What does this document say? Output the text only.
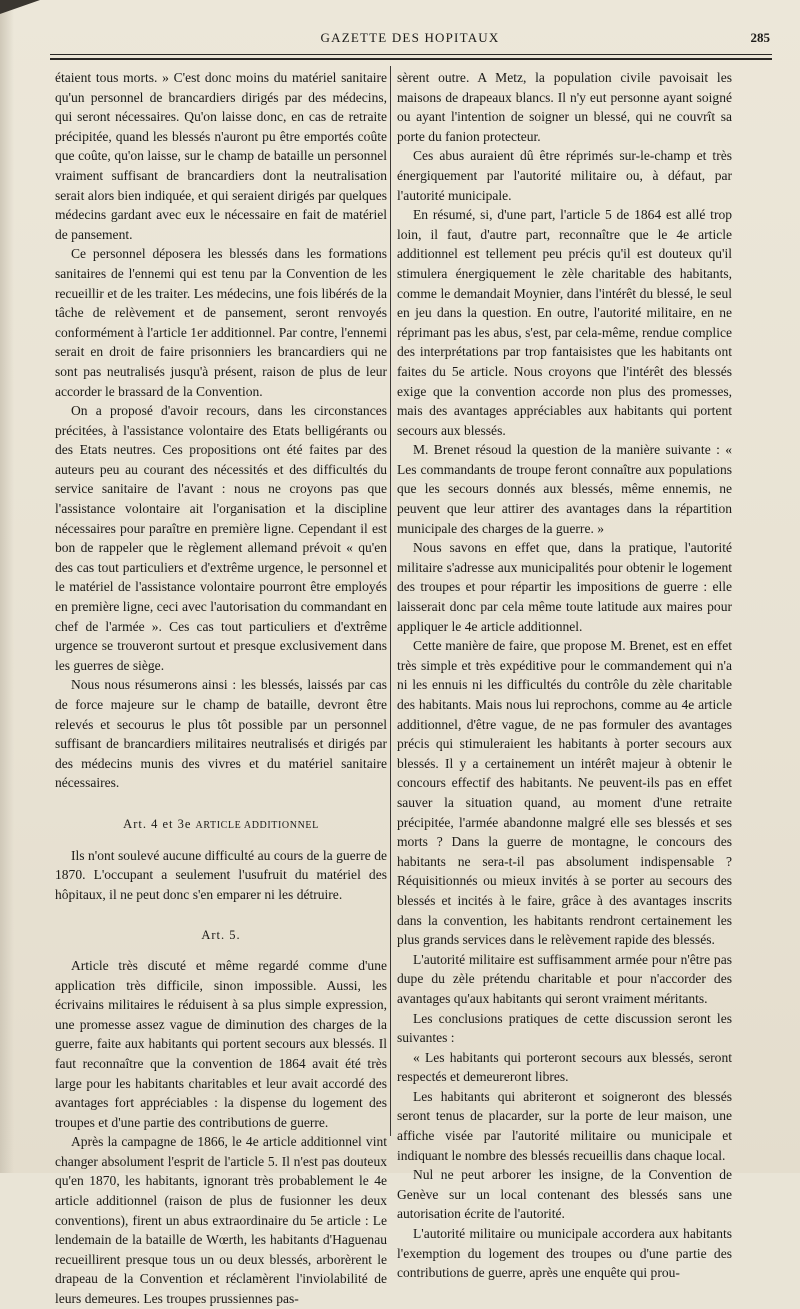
GAZETTE DES HOPITAUX	285

étaient tous morts. » C'est donc moins du matériel sanitaire qu'un personnel de brancardiers dirigés par des médecins, qui seront nécessaires. Qu'on laisse donc, en cas de retraite précipitée, quand les blessés n'auront pu être emportés coûte que coûte, qu'on laisse, sur le champ de bataille un personnel vraiment suffisant de brancardiers dont la neutralisation serait alors bien indiquée, et qui seraient dirigés par quelques médecins gardant avec eux le nécessaire en fait de matériel de pansement.

Ce personnel déposera les blessés dans les formations sanitaires de l'ennemi qui est tenu par la Convention de les recueillir et de les traiter. Les médecins, une fois libérés de la tâche de relèvement et de pansement, seront renvoyés conformément à l'article 1er additionnel. Par contre, l'ennemi serait en droit de faire prisonniers les brancardiers qui ne sont pas neutralisés jusqu'à présent, raison de plus de leur accorder le brassard de la Convention.

On a proposé d'avoir recours, dans les circonstances précitées, à l'assistance volontaire des Etats belligérants ou des Etats neutres. Ces propositions ont été faites par des auteurs peu au courant des nécessités et des difficultés du service sanitaire de l'avant : nous ne croyons pas que l'assistance volontaire ait l'organisation et la discipline nécessaires pour paraître en première ligne. Cependant il est bon de rappeler que le règlement allemand prévoit « qu'en des cas tout particuliers et d'extrême urgence, le personnel et le matériel de l'assistance volontaire pourront être employés en première ligne, ceci avec l'autorisation du commandant en chef de l'armée ». Ces cas tout particuliers et d'extrême urgence se trouveront surtout et presque exclusivement dans les guerres de siège.

Nous nous résumerons ainsi : les blessés, laissés par cas de force majeure sur le champ de bataille, devront être relevés et secourus le plus tôt possible par un personnel suffisant de brancardiers militaires neutralisés et dirigés par des médecins munis des vivres et du matériel sanitaire nécessaires.

Art. 4 et 3e ARTICLE ADDITIONNEL

Ils n'ont soulevé aucune difficulté au cours de la guerre de 1870. L'occupant a seulement l'usufruit du matériel des hôpitaux, il ne peut donc s'en emparer ni les détruire.

Art. 5.

Article très discuté et même regardé comme d'une application très difficile, sinon impossible. Aussi, les écrivains militaires le réduisent à sa plus simple expression, une promesse assez vague de diminution des charges de la guerre, faite aux habitants qui portent secours aux blessés. Il faut reconnaître que la convention de 1864 avait été très large pour les habitants charitables et leur avait accordé des avantages fort appréciables : la dispense du logement des troupes et d'une partie des contributions de guerre.

Après la campagne de 1866, le 4e article additionnel vint changer absolument l'esprit de l'article 5. Il n'est pas douteux qu'en 1870, les habitants, ignorant très probablement le 4e article additionnel (raison de plus de fusionner les deux conventions), firent un abus extraordinaire du 5e article : Le lendemain de la bataille de Wœrth, les habitants d'Haguenau recueillirent presque tous un ou deux blessés, arborèrent le drapeau de la Convention et réclamèrent l'inviolabilité de leurs demeures. Les troupes prussiennes pas-

sèrent outre. A Metz, la population civile pavoisait les maisons de drapeaux blancs. Il n'y eut personne ayant soigné ou ayant l'intention de soigner un blessé, qui ne couvrît sa porte du fanion protecteur.

Ces abus auraient dû être réprimés sur-le-champ et très énergiquement par l'autorité militaire ou, à défaut, par l'autorité municipale.

En résumé, si, d'une part, l'article 5 de 1864 est allé trop loin, il faut, d'autre part, reconnaître que le 4e article additionnel est tellement peu précis qu'il est douteux qu'il stimulera énergiquement le zèle charitable des habitants, comme le demandait Moynier, dans l'intérêt du blessé, le seul en jeu dans la question. En outre, l'autorité militaire, en ne réprimant pas les abus, s'est, par cela-même, rendue complice des interprétations par trop fantaisistes que les habitants ont faites du 5e article. Nous croyons que l'intérêt des blessés exige que la convention accorde non plus des promesses, mais des avantages appréciables aux habitants qui portent secours aux blessés.

M. Brenet résoud la question de la manière suivante : « Les commandants de troupe feront connaître aux populations que les secours donnés aux blessés, même ennemis, ne peuvent que leur attirer des avantages dans la répartition municipale des charges de la guerre. »

Nous savons en effet que, dans la pratique, l'autorité militaire s'adresse aux municipalités pour obtenir le logement des troupes et pour répartir les impositions de guerre : elle laisserait donc par cela même toute latitude aux maires pour appliquer le 4e article additionnel.

Cette manière de faire, que propose M. Brenet, est en effet très simple et très expéditive pour le commandement qui n'a ni les ennuis ni les difficultés du contrôle du zèle charitable des habitants. Mais nous lui reprochons, comme au 4e article additionnel, d'être vague, de ne pas formuler des avantages précis qui stimuleraient les habitants à porter secours aux blessés. Il y a certainement un intérêt majeur à obtenir le concours effectif des habitants. Ne peuvent-ils pas en effet sauver la situation quand, au moment d'une retraite précipitée, l'armée abandonne malgré elle ses blessés et ses morts ? Dans la guerre de montagne, le concours des habitants ne sera-t-il pas absolument indispensable ? Réquisitionnés ou mieux invités à se porter au secours des blessés et incités à le faire, grâce à des avantages inscrits dans la convention, les habitants rendront certainement les plus grands services dans le relèvement rapide des blessés.

L'autorité militaire est suffisamment armée pour n'être pas dupe du zèle prétendu charitable et pour n'accorder des avantages qu'aux habitants qui seront vraiment méritants.

Les conclusions pratiques de cette discussion seront les suivantes :

« Les habitants qui porteront secours aux blessés, seront respectés et demeureront libres.

Les habitants qui abriteront et soigneront des blessés seront tenus de placarder, sur la porte de leur maison, une affiche visée par l'autorité militaire ou municipale et indiquant le nombre des blessés recueillis dans chaque local.

Nul ne peut arborer les insigne, de la Convention de Genève sur un local contenant des blessés sans une autorisation écrite de l'autorité.

L'autorité militaire ou municipale accordera aux habitants l'exemption du logement des troupes ou d'une partie des contributions de guerre, après une enquête qui prou-
